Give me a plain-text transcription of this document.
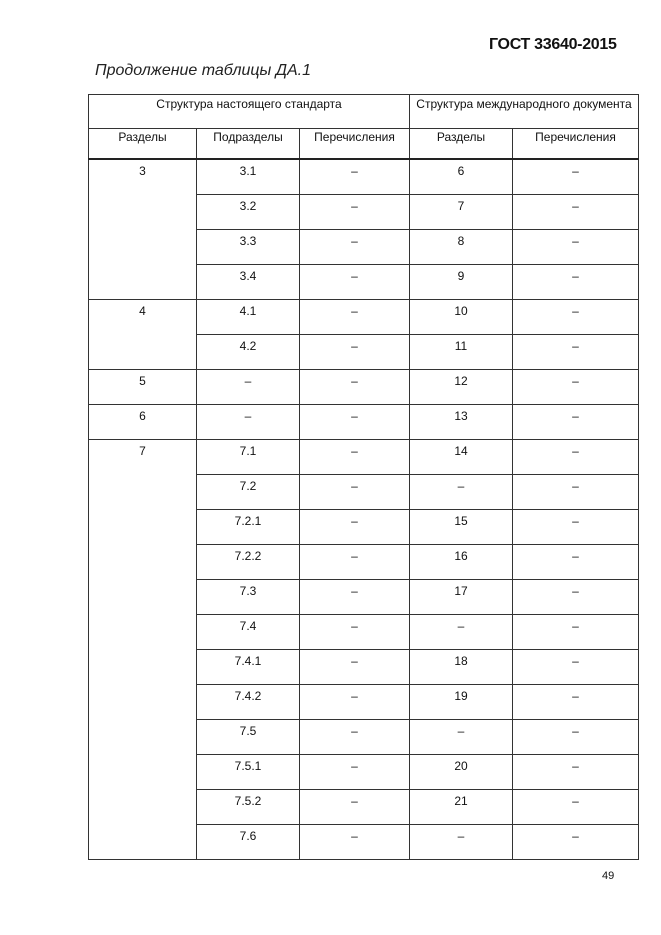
ГОСТ 33640-2015
Продолжение таблицы ДА.1
Структура настоящего стандарта			Структура международного документа	
Разделы	Подразделы	Перечисления	Разделы	Перечисления
3	3.1	–	6	–
	3.2	–	7	–
	3.3	–	8	–
	3.4	–	9	–
4	4.1	–	10	–
	4.2	–	11	–
5	–	–	12	–
6	–	–	13	–
7	7.1	–	14	–
	7.2	–	–	–
	7.2.1	–	15	–
	7.2.2	–	16	–
	7.3	–	17	–
	7.4	–	–	–
	7.4.1	–	18	–
	7.4.2	–	19	–
	7.5	–	–	–
	7.5.1	–	20	–
	7.5.2	–	21	–
	7.6	–	–	–
49
